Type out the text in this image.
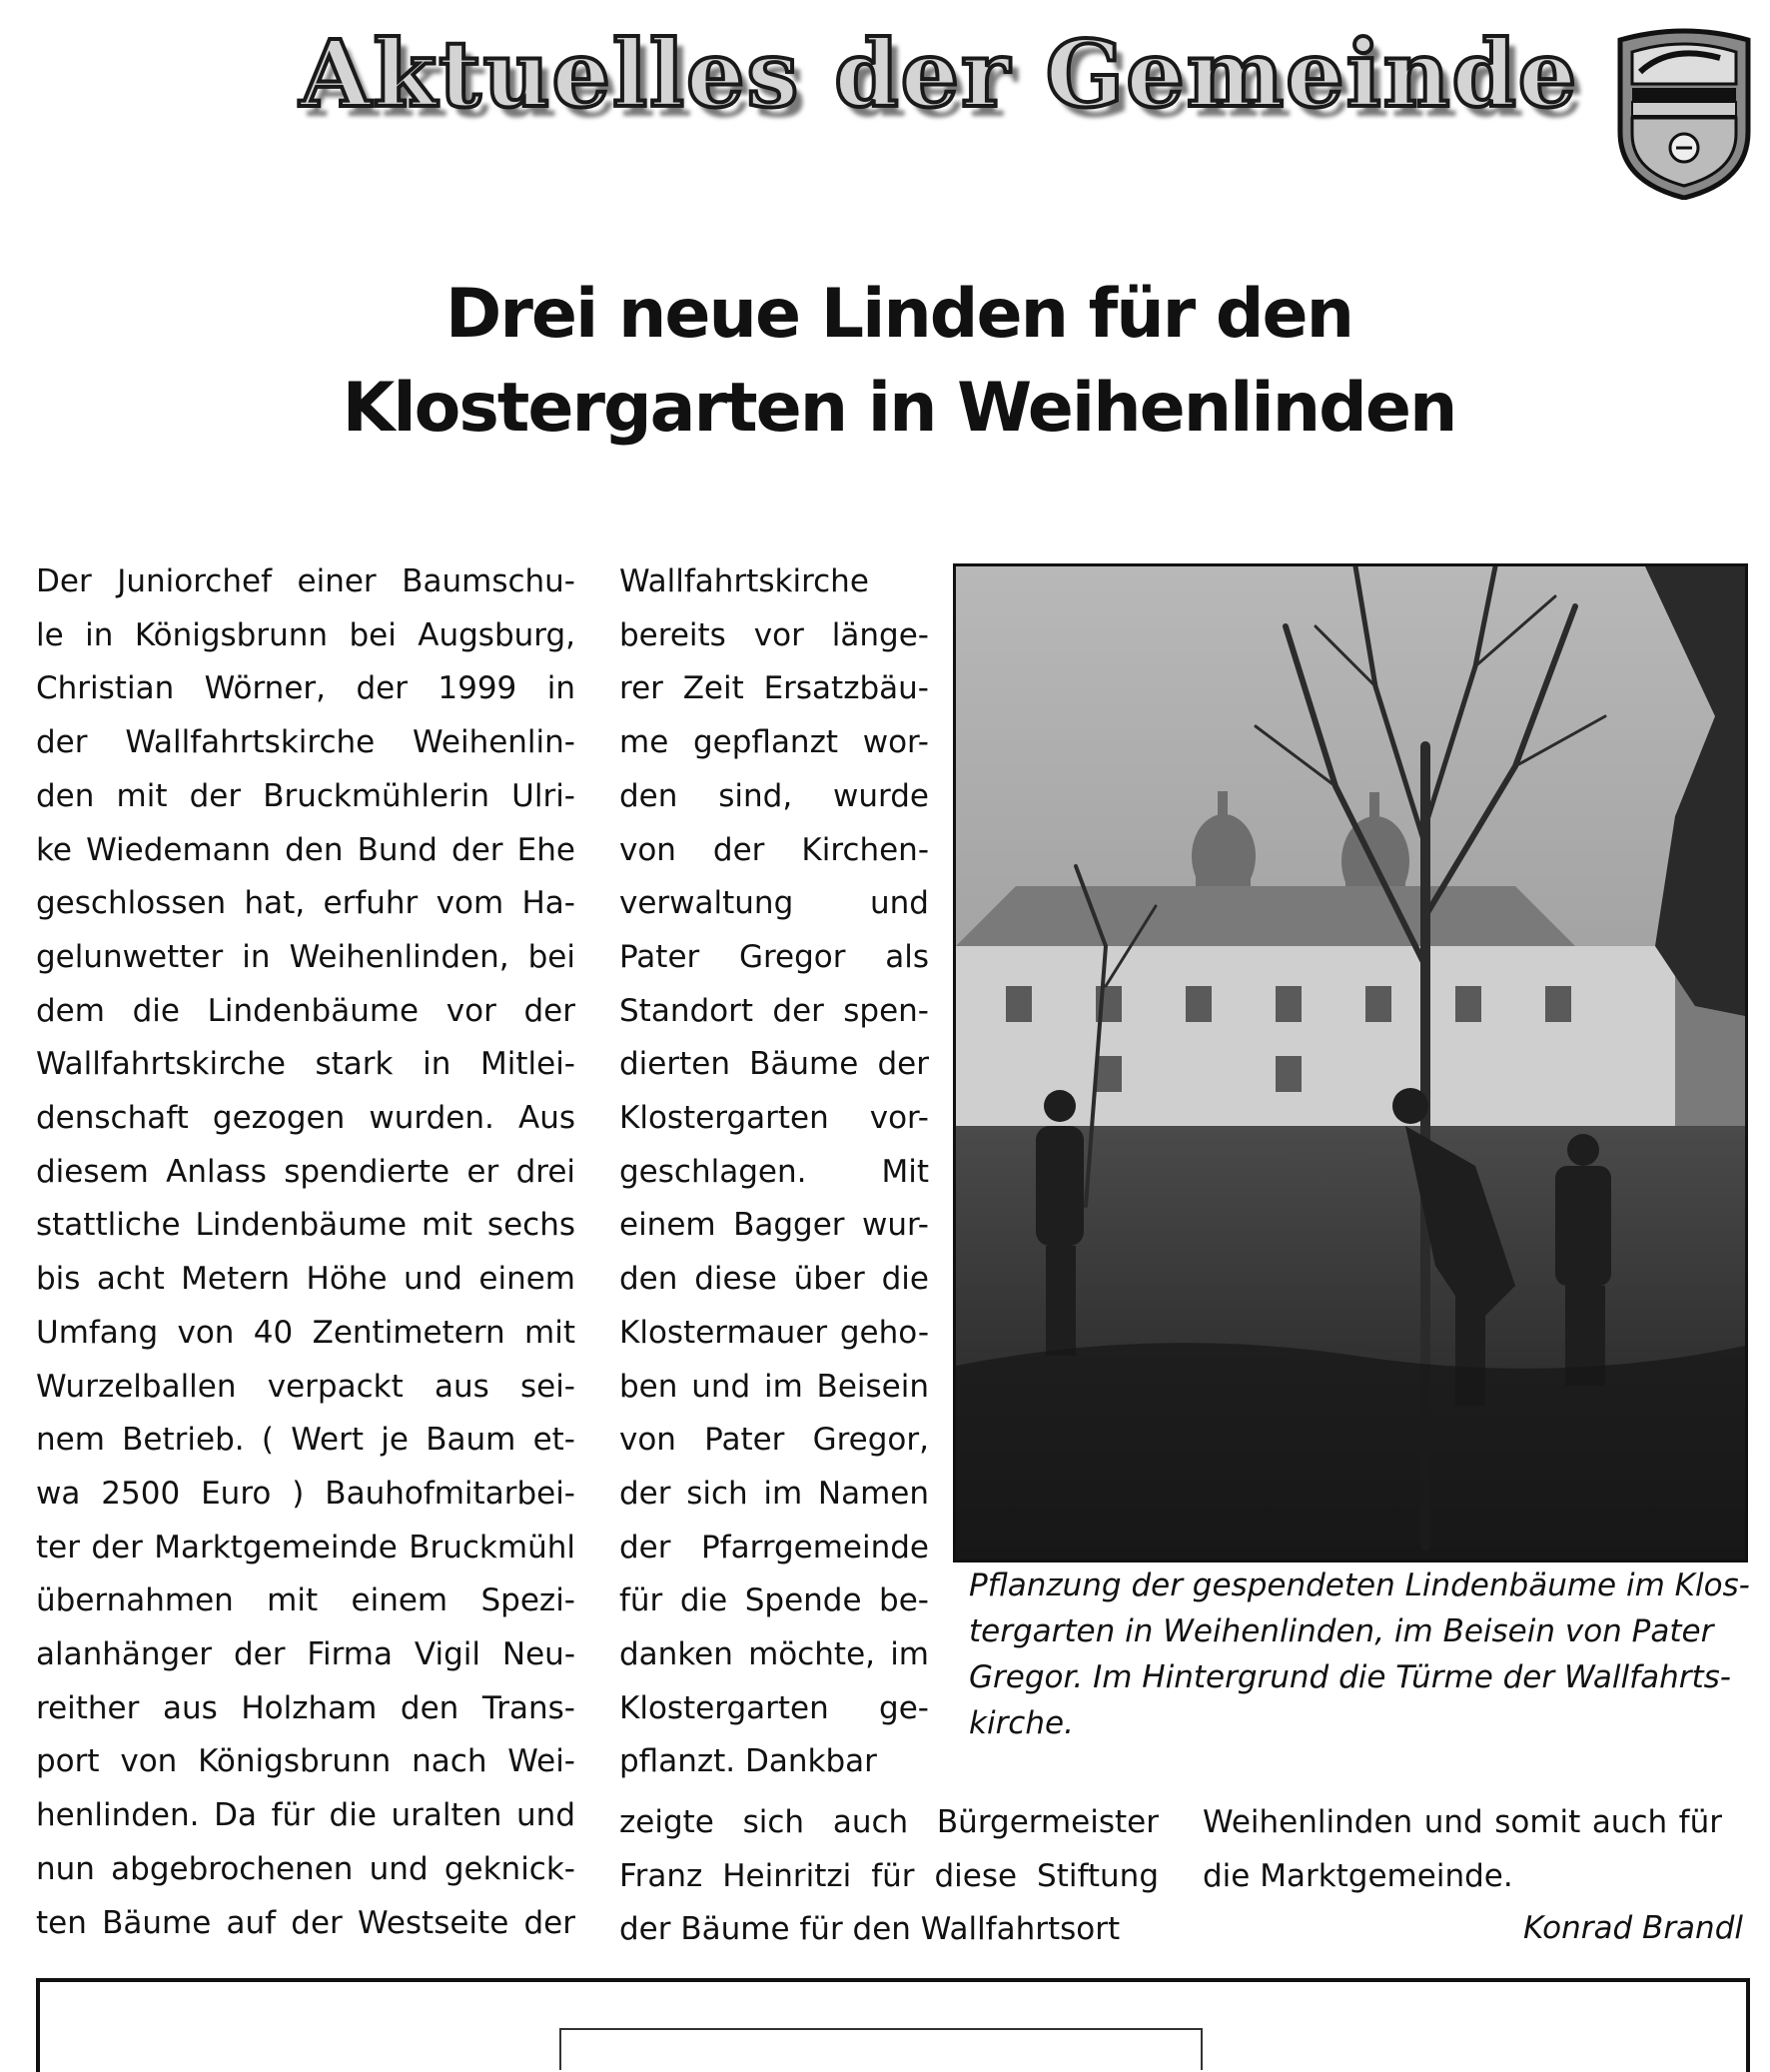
Aktuelles der Gemeinde
Drei neue Linden für den
Klostergarten in Weihenlinden
Der Juniorchef einer Baumschu-
le in Königsbrunn bei Augsburg,
Christian Wörner, der 1999 in
der Wallfahrtskirche Weihenlin-
den mit der Bruckmühlerin Ulri-
ke Wiedemann den Bund der Ehe
geschlossen hat, erfuhr vom Ha-
gelunwetter in Weihenlinden, bei
dem die Lindenbäume vor der
Wallfahrtskirche stark in Mitlei-
denschaft gezogen wurden. Aus
diesem Anlass spendierte er drei
stattliche Lindenbäume mit sechs
bis acht Metern Höhe und einem
Umfang von 40 Zentimetern mit
Wurzelballen verpackt aus sei-
nem Betrieb. ( Wert je Baum et-
wa 2500 Euro ) Bauhofmitarbei-
ter der Marktgemeinde Bruckmühl
übernahmen mit einem Spezi-
alanhänger der Firma Vigil Neu-
reither aus Holzham den Trans-
port von Königsbrunn nach Wei-
henlinden. Da für die uralten und
nun abgebrochenen und geknick-
ten Bäume auf der Westseite der
Wallfahrtskirche
bereits vor länge-
rer Zeit Ersatzbäu-
me gepflanzt wor-
den sind, wurde
von der Kirchen-
verwaltung und
Pater Gregor als
Standort der spen-
dierten Bäume der
Klostergarten vor-
geschlagen. Mit
einem Bagger wur-
den diese über die
Klostermauer geho-
ben und im Beisein
von Pater Gregor,
der sich im Namen
der Pfarrgemeinde
für die Spende be-
danken möchte, im
Klostergarten ge-
pflanzt. Dankbar
Pflanzung der gespendeten Lindenbäume im Klos-
tergarten in Weihenlinden, im Beisein von Pater
Gregor. Im Hintergrund die Türme der Wallfahrts-
kirche.
zeigte sich auch Bürgermeister
Franz Heinritzi für diese Stiftung
der Bäume für den Wallfahrtsort
Weihenlinden und somit auch für
die Marktgemeinde.
Konrad Brandl
